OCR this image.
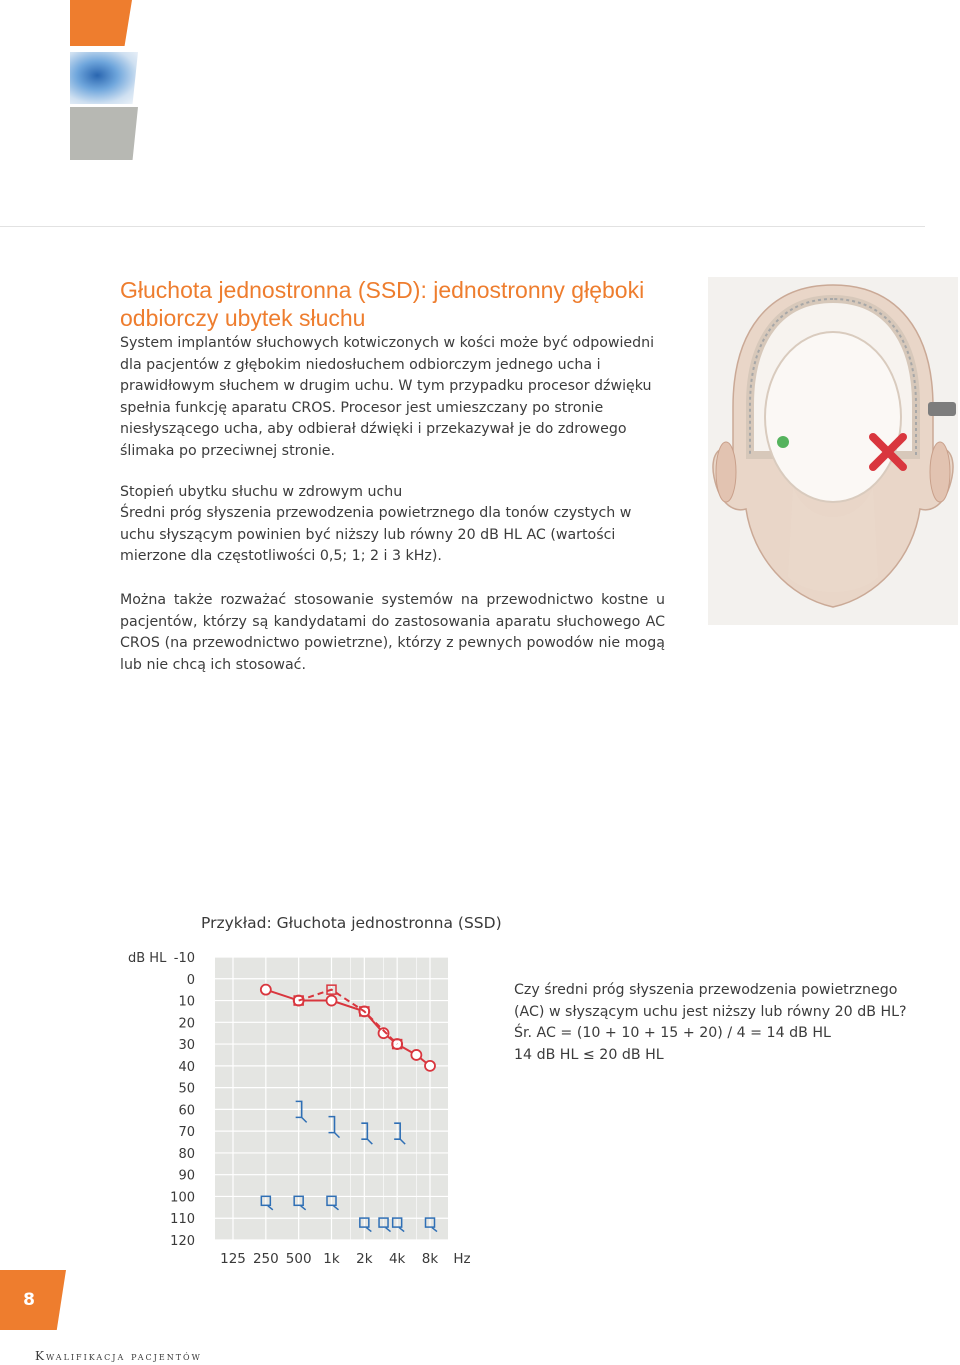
Głuchota jednostronna (SSD): jednostronny głęboki odbiorczy ubytek słuchu

System implantów słuchowych kotwiczonych w kości może być odpowiedni dla pacjentów z głębokim niedosłuchem odbiorczym jednego ucha i prawidłowym słuchem w drugim uchu. W tym przypadku procesor dźwięku spełnia funkcję aparatu CROS. Procesor jest umieszczany po stronie niesłyszącego ucha, aby odbierał dźwięki i przekazywał je do zdrowego ślimaka po przeciwnej stronie.

Stopień ubytku słuchu w zdrowym uchu

Średni próg słyszenia przewodzenia powietrznego dla tonów czystych w uchu słyszącym powinien być niższy lub równy 20 dB HL AC (wartości mierzone dla częstotliwości 0,5; 1; 2 i 3 kHz).

Można także rozważać stosowanie systemów na przewodnictwo kostne u pacjentów, którzy są kandydatami do zastosowania aparatu słuchowego AC CROS (na przewodnictwo powietrzne), którzy z pewnych powodów nie mogą lub nie chcą ich stosować.

Przykład: Głuchota jednostronna (SSD)
-10
0
10
20
30
40
50
60
70
80
90
100
110
120
dB HL
125 250 500 1k 2k 4k 8k Hz

Czy średni próg słyszenia przewodzenia powietrznego (AC) w słyszącym uchu jest niższy lub równy 20 dB HL?

Śr. AC = (10 + 10 + 15 + 20) / 4 = 14 dB HL

14 dB HL ≤ 20 dB HL

8
Kwalifikacja pacjentów
